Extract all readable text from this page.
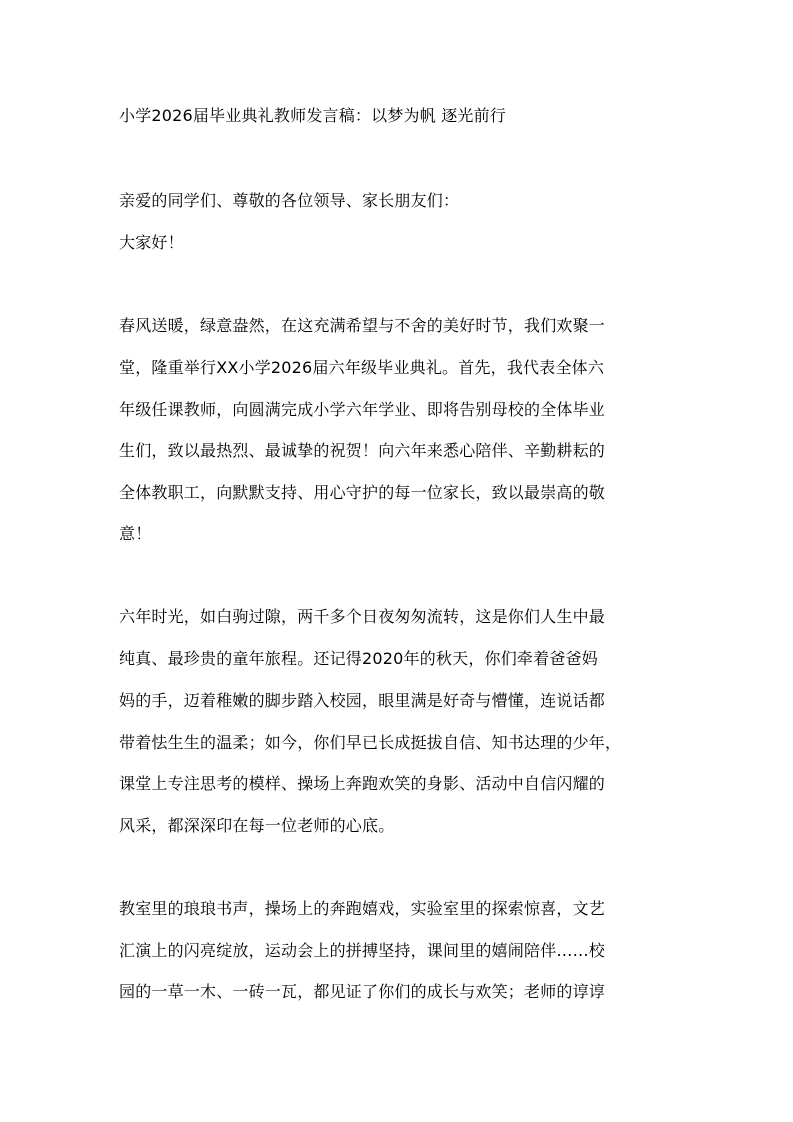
小学2026届毕业典礼教师发言稿：以梦为帆 逐光前行
亲爱的同学们、尊敬的各位领导、家长朋友们：
大家好！
春风送暖，绿意盎然，在这充满希望与不舍的美好时节，我们欢聚一
堂，隆重举行XX小学2026届六年级毕业典礼。首先，我代表全体六
年级任课教师，向圆满完成小学六年学业、即将告别母校的全体毕业
生们，致以最热烈、最诚挚的祝贺！向六年来悉心陪伴、辛勤耕耘的
全体教职工，向默默支持、用心守护的每一位家长，致以最崇高的敬
意！
六年时光，如白驹过隙，两千多个日夜匆匆流转，这是你们人生中最
纯真、最珍贵的童年旅程。还记得2020年的秋天，你们牵着爸爸妈
妈的手，迈着稚嫩的脚步踏入校园，眼里满是好奇与懵懂，连说话都
带着怯生生的温柔；如今，你们早已长成挺拔自信、知书达理的少年，
课堂上专注思考的模样、操场上奔跑欢笑的身影、活动中自信闪耀的
风采，都深深印在每一位老师的心底。
教室里的琅琅书声，操场上的奔跑嬉戏，实验室里的探索惊喜，文艺
汇演上的闪亮绽放，运动会上的拼搏坚持，课间里的嬉闹陪伴……校
园的一草一木、一砖一瓦，都见证了你们的成长与欢笑；老师的谆谆
